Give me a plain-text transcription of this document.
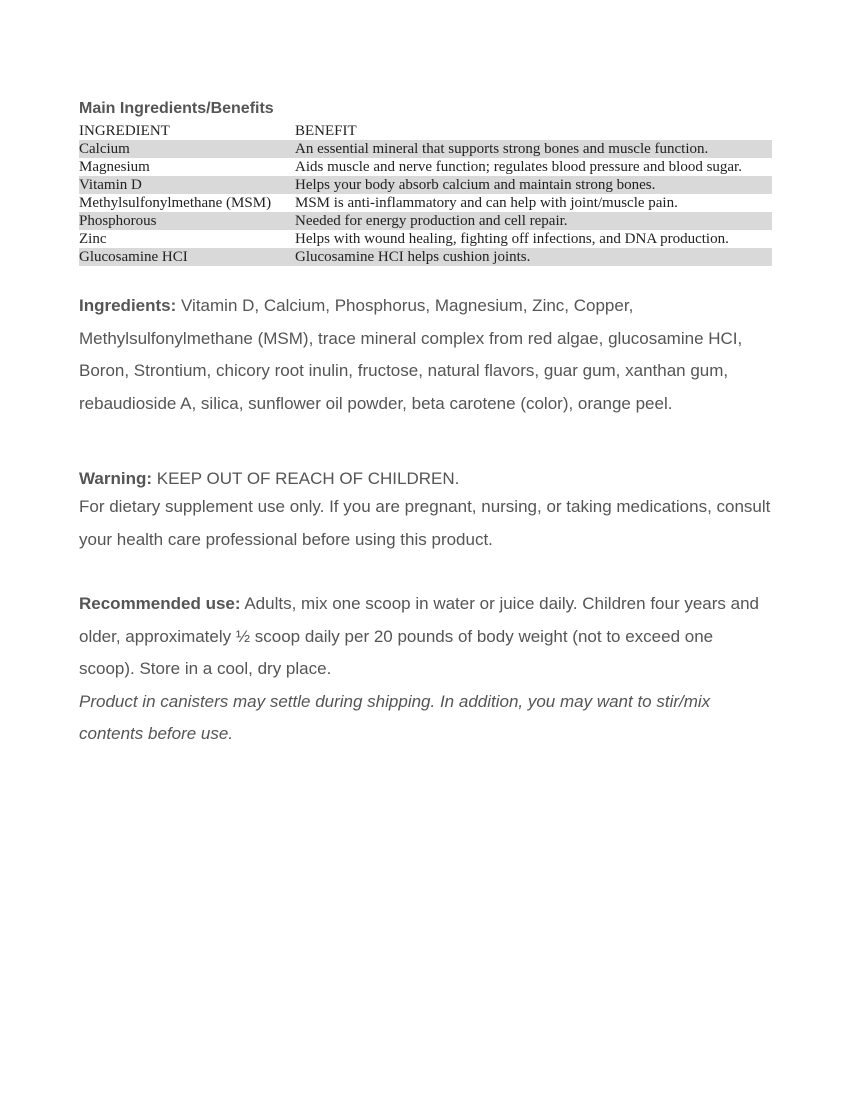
Main Ingredients/Benefits
INGREDIENT	BENEFIT
Calcium	An essential mineral that supports strong bones and muscle function.
Magnesium	Aids muscle and nerve function; regulates blood pressure and blood sugar.
Vitamin D	Helps your body absorb calcium and maintain strong bones.
Methylsulfonylmethane (MSM)	MSM is anti-inflammatory and can help with joint/muscle pain.
Phosphorous	Needed for energy production and cell repair.
Zinc	Helps with wound healing, fighting off infections, and DNA production.
Glucosamine HCI	Glucosamine HCI helps cushion joints.

Ingredients: Vitamin D, Calcium, Phosphorus, Magnesium, Zinc, Copper, Methylsulfonylmethane (MSM), trace mineral complex from red algae, glucosamine HCI, Boron, Strontium, chicory root inulin, fructose, natural flavors, guar gum, xanthan gum, rebaudioside A, silica, sunflower oil powder, beta carotene (color), orange peel.

Warning: KEEP OUT OF REACH OF CHILDREN.

For dietary supplement use only. If you are pregnant, nursing, or taking medications, consult your health care professional before using this product.

Recommended use: Adults, mix one scoop in water or juice daily. Children four years and older, approximately ½ scoop daily per 20 pounds of body weight (not to exceed one scoop). Store in a cool, dry place.

Product in canisters may settle during shipping. In addition, you may want to stir/mix contents before use.
